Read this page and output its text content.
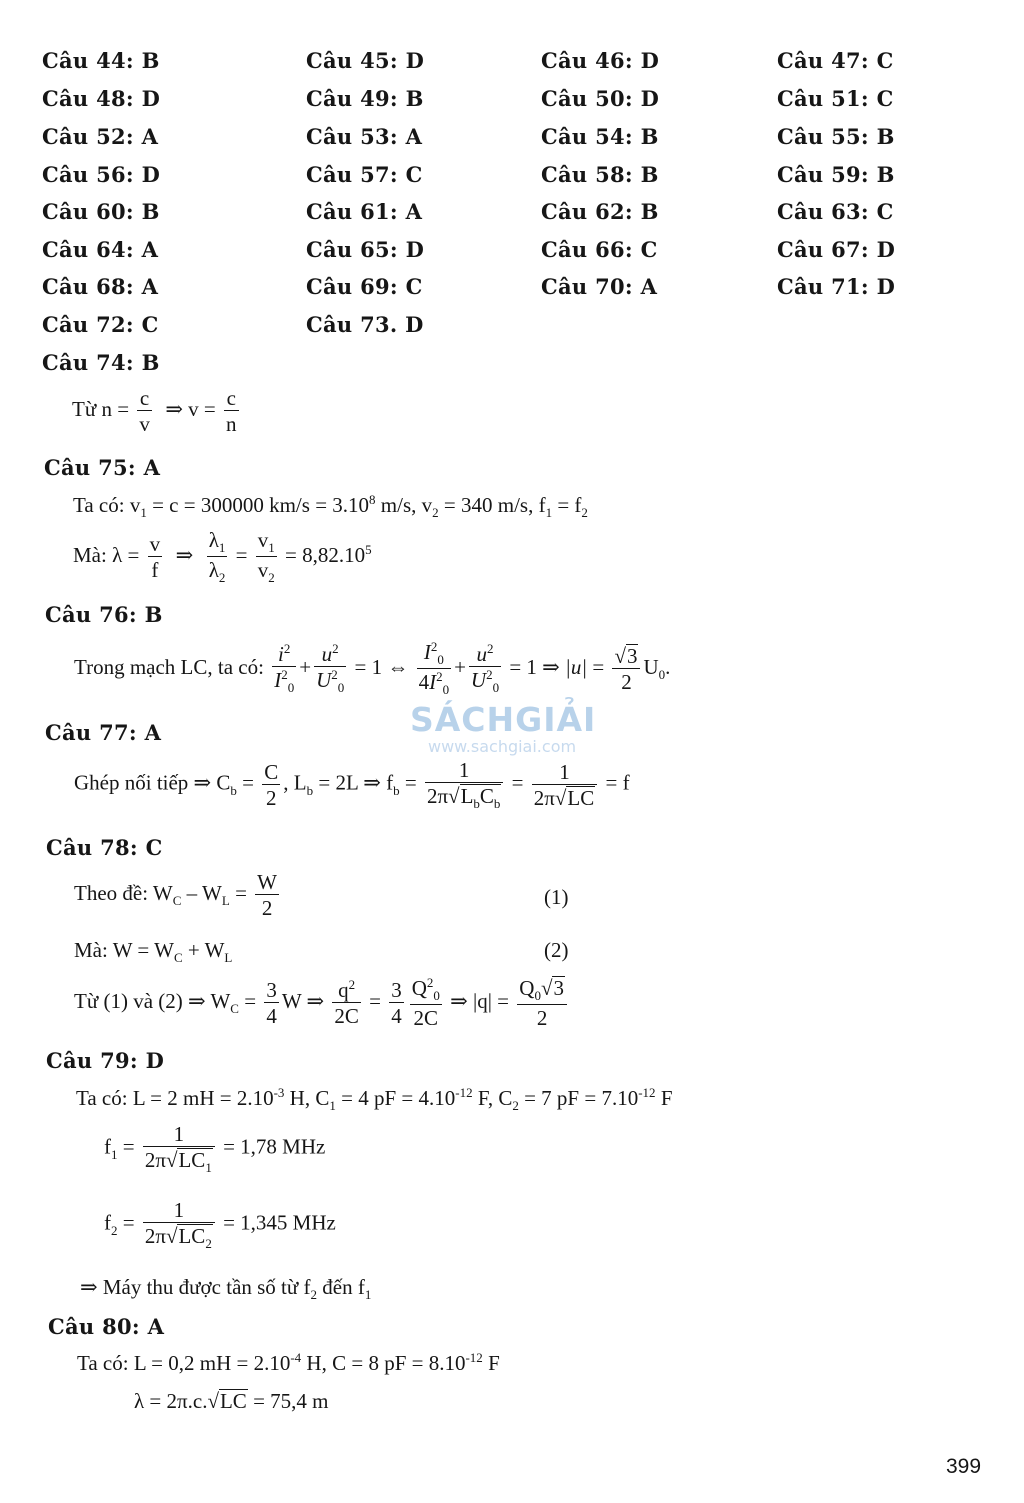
Câu 44: B	Câu 45: D	Câu 46: D	Câu 47: C
Câu 48: D	Câu 49: B	Câu 50: D	Câu 51: C
Câu 52: A	Câu 53: A	Câu 54: B	Câu 55: B
Câu 56: D	Câu 57: C	Câu 58: B	Câu 59: B
Câu 60: B	Câu 61: A	Câu 62: B	Câu 63: C
Câu 64: A	Câu 65: D	Câu 66: C	Câu 67: D
Câu 68: A	Câu 69: C	Câu 70: A	Câu 71: D
Câu 72: C	Câu 73. D
Câu 74: B
Từ $n = \frac{c}{v}$ ⇒ $v = \frac{c}{n}$
Câu 75: A
Ta có: $v_1 = c = 300000$ $km/s = 3.10^8$ m/s, $v_2 = 340$ m/s, $f_1 = f_2$
Mà: $\lambda = \frac{v}{f}$ ⇒ $\frac{\lambda_1}{\lambda_2} = \frac{v_1}{v_2} = 8,82.10^5$
Câu 76: B
Trong mạch LC, ta có: $\frac{i^2}{I^2_0} + \frac{u^2}{U^2_0} = 1$ ⇔ $\frac{I^2_0}{4I^2_0} + \frac{u^2}{U^2_0} = 1$ ⇒ $|u| = \frac{√3}{2} U_0$.
SÁCHGIẢI
www.sachgiai.com
Câu 77: A
Ghép nối tiếp ⇒ $C_b = \frac{C}{2}$ , $L_b = 2L$ ⇒ $f_b = \frac{1}{2\pi√L_bC_b} = \frac{1}{2\pi√LC} = f$
Câu 78: C
Theo đề: $W_C - W_L = \frac{W}{2}$	(1)
Mà: $W = W_C + W_L$	(2)
Từ (1) và (2) ⇒ $W_C = \frac{3}{4}$ W ⇒ $\frac{q^2}{2C} = \frac{3}{4} \frac{Q^2_0}{2C}$ ⇒ $|q| = \frac{Q_0√3}{2}$
Câu 79: D
Ta có: L = 2 mH = $2.10^{-3}$ H, $C_1 = 4$ pF = $4.10^{-12}$ F, $C_2 = 7$ pF = $7.10^{-12}$ F
$f_1 = \frac{1}{2\pi√LC_1} = 1,78$ MHz
$f_2 = \frac{1}{2\pi√LC_2} = 1,345$ MHz
⇒ Máy thu được tần số từ $f_2$ đến $f_1$
Câu 80: A
Ta có: L = 0,2 mH = $2.10^{-4}$ H, C = 8 pF = $8.10^{-12}$ F
λ = 2π.c.√LC = 75,4 m
399
